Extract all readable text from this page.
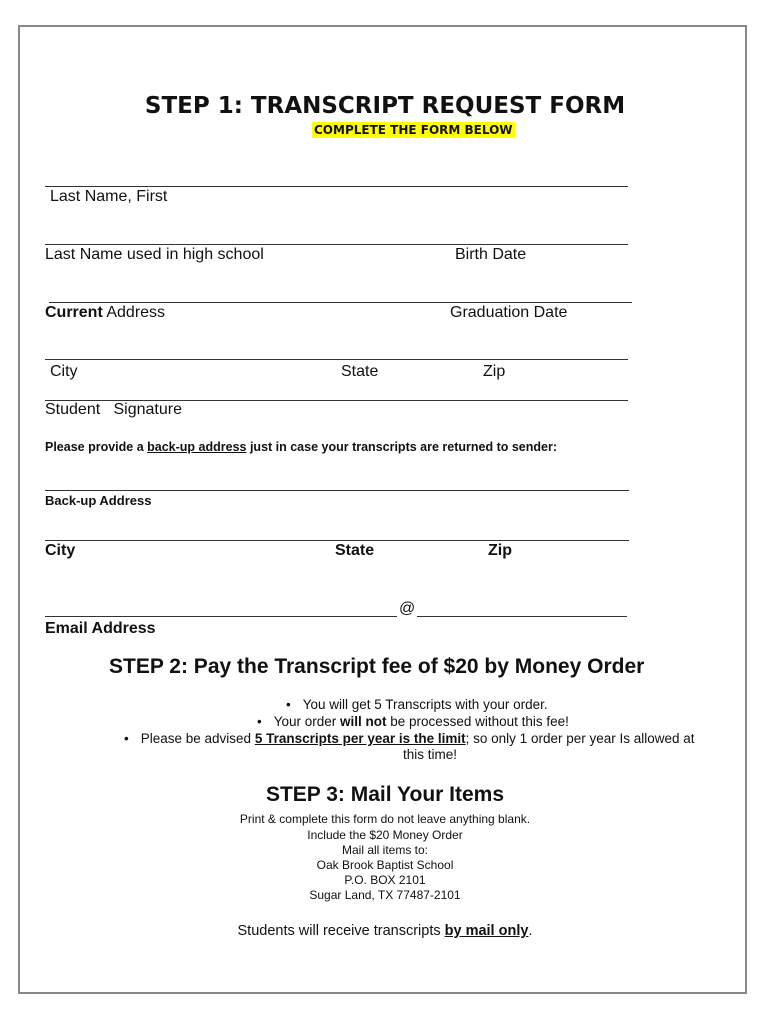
STEP 1: TRANSCRIPT REQUEST FORM
COMPLETE THE FORM BELOW
Last Name, First
Last Name used in high school	Birth Date
Current Address	Graduation Date
City	State	Zip
Student   Signature
Please provide a back-up address just in case your transcripts are returned to sender:
Back-up Address
City	State	Zip
@
Email Address
STEP 2: Pay the Transcript fee of $20 by Money Order
• You will get 5 Transcripts with your order.
• Your order will not be processed without this fee!
• Please be advised 5 Transcripts per year is the limit; so only 1 order per year Is allowed at
this time!
STEP 3: Mail Your Items
Print & complete this form do not leave anything blank.
Include the $20 Money Order
Mail all items to:
Oak Brook Baptist School
P.O. BOX 2101
Sugar Land, TX 77487-2101
Students will receive transcripts by mail only.
